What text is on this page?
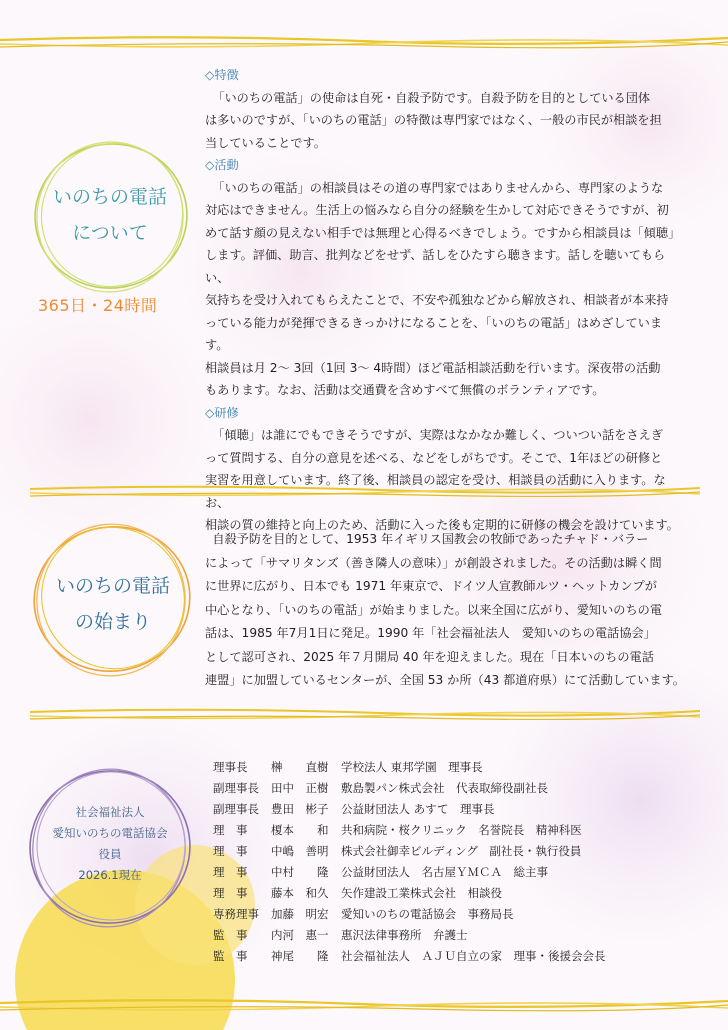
いのちの電話
について
365日・24時間

◇特徴

「いのちの電話」の使命は自死・自殺予防です。自殺予防を目的としている団体

は多いのですが、「いのちの電話」の特徴は専門家ではなく、一般の市民が相談を担

当していることです。

◇活動

「いのちの電話」の相談員はその道の専門家ではありませんから、専門家のような

対応はできません。生活上の悩みなら自分の経験を生かして対応できそうですが、初

めて話す顔の見えない相手では無理と心得るべきでしょう。ですから相談員は「傾聴」

します。評価、助言、批判などをせず、話しをひたすら聴きます。話しを聴いてもらい、

気持ちを受け入れてもらえたことで、不安や孤独などから解放され、相談者が本来持

っている能力が発揮できるきっかけになることを、「いのちの電話」はめざしています。

相談員は月 2～ 3回（1回 3～ 4時間）ほど電話相談活動を行います。深夜帯の活動

もあります。なお、活動は交通費を含めすべて無償のボランティアです。

◇研修

「傾聴」は誰にでもできそうですが、実際はなかなか難しく、ついつい話をさえぎ

って質問する、自分の意見を述べる、などをしがちです。そこで、1年ほどの研修と

実習を用意しています。終了後、相談員の認定を受け、相談員の活動に入ります。なお、

相談の質の維持と向上のため、活動に入った後も定期的に研修の機会を設けています。

いのちの電話
の始まり

自殺予防を目的として、1953 年イギリス国教会の牧師であったチャド・バラー

によって「サマリタンズ（善き隣人の意味）」が創設されました。その活動は瞬く間

に世界に広がり、日本でも 1971 年東京で、ドイツ人宣教師ルツ・ヘットカンプが

中心となり、「いのちの電話」が始まりました。以来全国に広がり、愛知いのちの電

話は、1985 年7月1日に発足。1990 年「社会福祉法人　愛知いのちの電話協会」

として認可され、2025 年７月開局 40 年を迎えました。現在「日本いのちの電話

連盟」に加盟しているセンターが、全国 53 か所（43 都道府県）にて活動しています。

社会福祉法人
愛知いのちの電話協会
役員
2026.1現在
理事長	榊　　直樹	学校法人 東邦学園　理事長
副理事長	田中　正樹	敷島製パン株式会社　代表取締役副社長
副理事長	豊田　彬子	公益財団法人 あすて　理事長
理　事	榎本　　和	共和病院・桜クリニック　名誉院長　精神科医
理　事	中嶋　善明	株式会社御幸ビルディング　副社長・執行役員
理　事	中村　　隆	公益財団法人　名古屋ＹＭＣＡ　総主事
理　事	藤本　和久	矢作建設工業株式会社　相談役
専務理事	加藤　明宏	愛知いのちの電話協会　事務局長
監　事	内河　惠一	惠沢法律事務所　弁護士
監　事	神尾　　隆	社会福祉法人　ＡＪＵ自立の家　理事・後援会会長
